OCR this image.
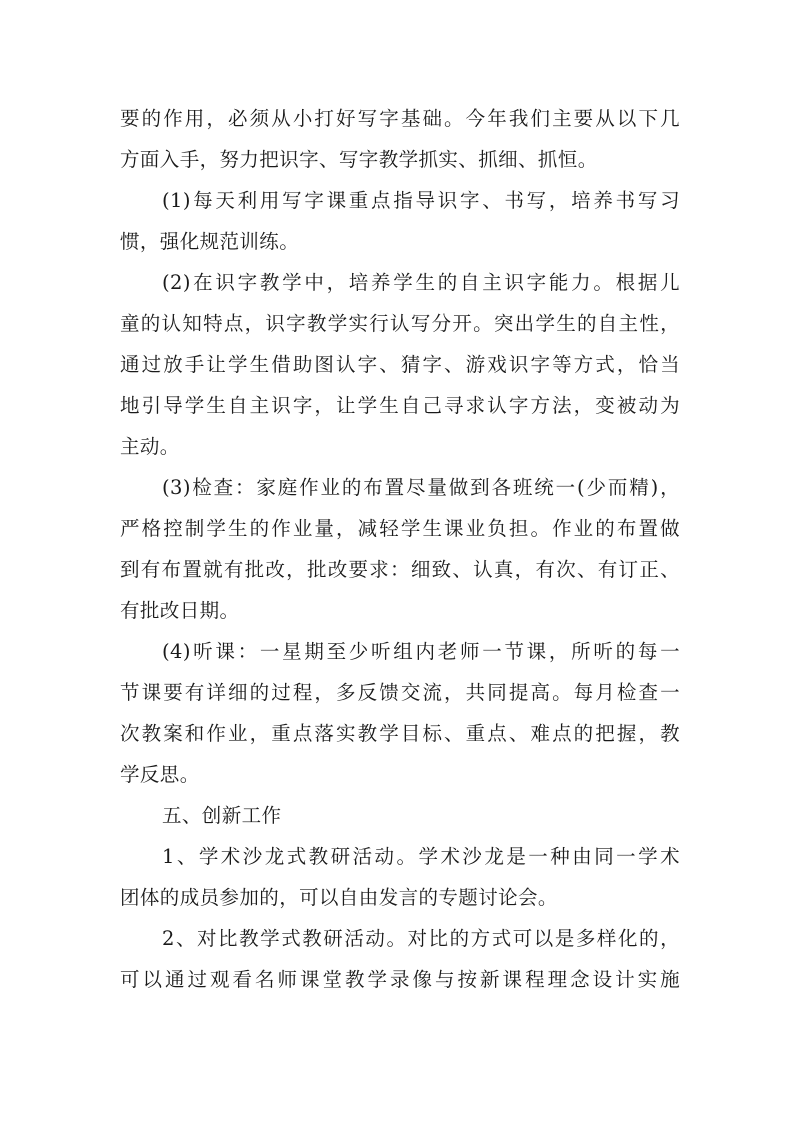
要的作用，必须从小打好写字基础。今年我们主要从以下几
方面入手，努力把识字、写字教学抓实、抓细、抓恒。
(1)每天利用写字课重点指导识字、书写，培养书写习
惯，强化规范训练。
(2)在识字教学中，培养学生的自主识字能力。根据儿
童的认知特点，识字教学实行认写分开。突出学生的自主性，
通过放手让学生借助图认字、猜字、游戏识字等方式，恰当
地引导学生自主识字，让学生自己寻求认字方法，变被动为
主动。
(3)检查：家庭作业的布置尽量做到各班统一(少而精)，
严格控制学生的作业量，减轻学生课业负担。作业的布置做
到有布置就有批改，批改要求：细致、认真，有次、有订正、
有批改日期。
(4)听课：一星期至少听组内老师一节课，所听的每一
节课要有详细的过程，多反馈交流，共同提高。每月检查一
次教案和作业，重点落实教学目标、重点、难点的把握，教
学反思。
五、创新工作
1、学术沙龙式教研活动。学术沙龙是一种由同一学术
团体的成员参加的，可以自由发言的专题讨论会。
2、对比教学式教研活动。对比的方式可以是多样化的，
可以通过观看名师课堂教学录像与按新课程理念设计实施
